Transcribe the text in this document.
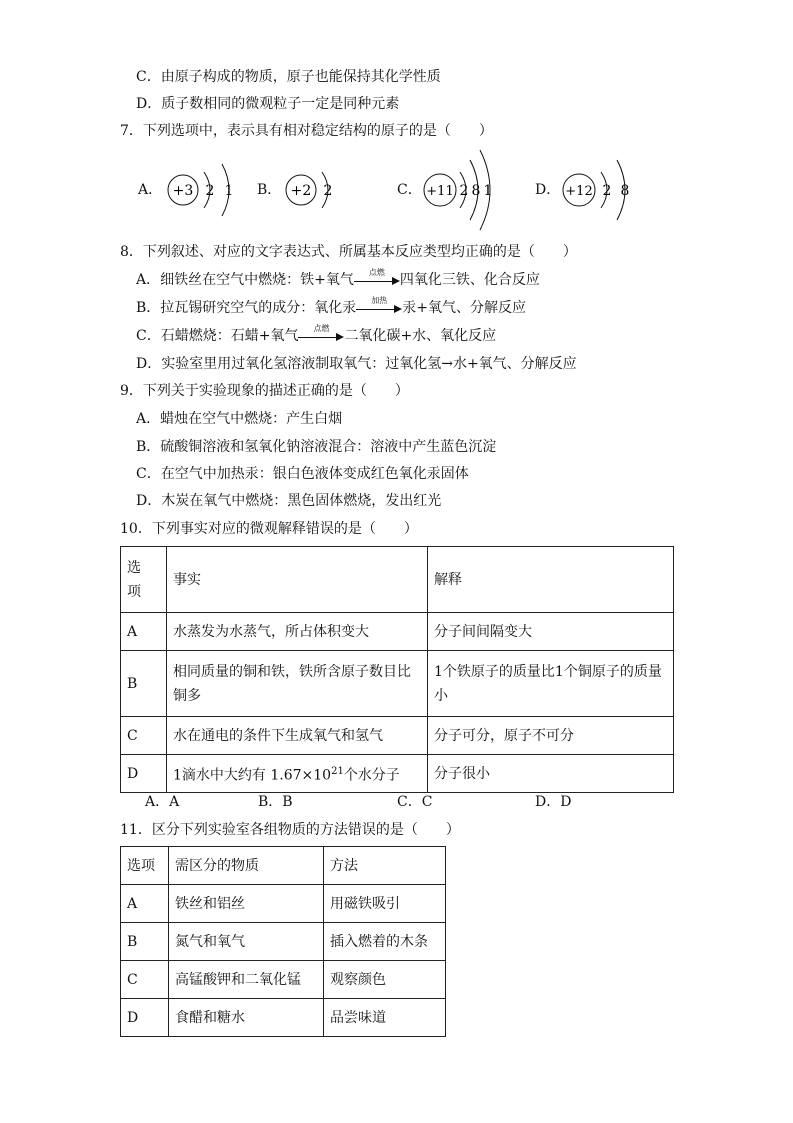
C．由原子构成的物质，原子也能保持其化学性质
D．质子数相同的微观粒子一定是同种元素
7．下列选项中，表示具有相对稳定结构的原子的是（　　）
A． +3 2 1 B． +2 2	C． +11 2 8 1	D． +12 2 8
8．下列叙述、对应的文字表达式、所属基本反应类型均正确的是（　　）
A．细铁丝在空气中燃烧：铁+氧气	点燃	四氧化三铁、化合反应
B．拉瓦锡研究空气的成分：氧化汞	加热	汞+氧气、分解反应
C．石蜡燃烧：石蜡+氧气	点燃	二氧化碳+水、氧化反应
D．实验室里用过氧化氢溶液制取氧气：过氧化氢→水+氧气、分解反应
9．下列关于实验现象的描述正确的是（　　）
A．蜡烛在空气中燃烧：产生白烟
B．硫酸铜溶液和氢氧化钠溶液混合：溶液中产生蓝色沉淀
C．在空气中加热汞：银白色液体变成红色氧化汞固体
D．木炭在氧气中燃烧：黑色固体燃烧，发出红光
10．下列事实对应的微观解释错误的是（　　）
选项	事实	解释
A	水蒸发为水蒸气，所占体积变大	分子间间隔变大
B	相同质量的铜和铁，铁所含原子数目比铜多	1个铁原子的质量比1个铜原子的质量小
C	水在通电的条件下生成氧气和氢气	分子可分，原子不可分
D	1滴水中大约有 $1.67\times 10^{21}$个水分子	分子很小
A．A	B．B	C．C	D．D
11．区分下列实验室各组物质的方法错误的是（　　）
选项	需区分的物质	方法
A	铁丝和铝丝	用磁铁吸引
B	氮气和氧气	插入燃着的木条
C	高锰酸钾和二氧化锰	观察颜色
D	食醋和糖水	品尝味道
